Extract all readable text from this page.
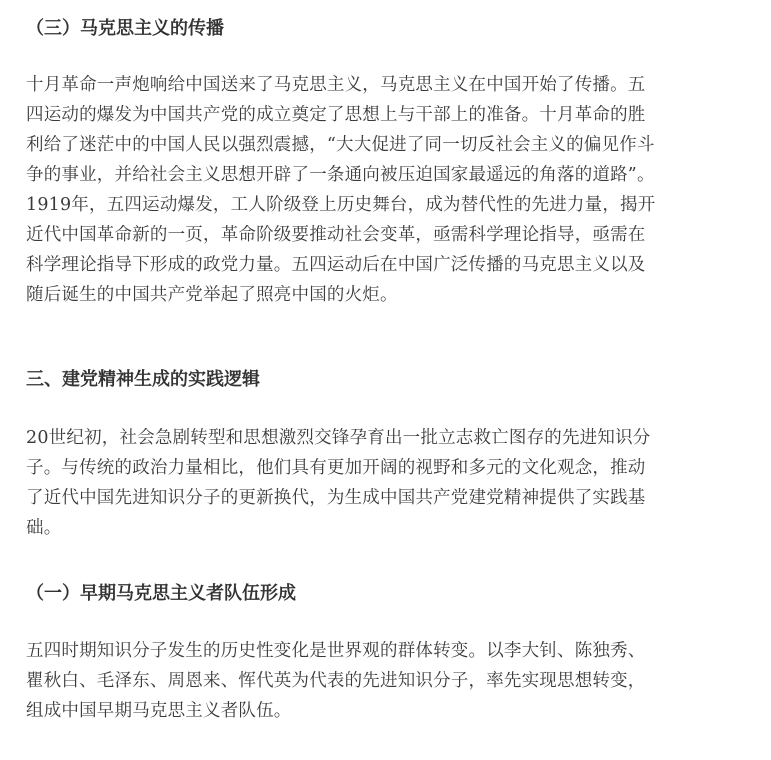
（三）马克思主义的传播
十月革命一声炮响给中国送来了马克思主义，马克思主义在中国开始了传播。五
四运动的爆发为中国共产党的成立奠定了思想上与干部上的准备。十月革命的胜
利给了迷茫中的中国人民以强烈震撼，“大大促进了同一切反社会主义的偏见作斗
争的事业，并给社会主义思想开辟了一条通向被压迫国家最遥远的角落的道路”。
1919年，五四运动爆发，工人阶级登上历史舞台，成为替代性的先进力量，揭开
近代中国革命新的一页，革命阶级要推动社会变革，亟需科学理论指导，亟需在
科学理论指导下形成的政党力量。五四运动后在中国广泛传播的马克思主义以及
随后诞生的中国共产党举起了照亮中国的火炬。
三、建党精神生成的实践逻辑
20世纪初，社会急剧转型和思想激烈交锋孕育出一批立志救亡图存的先进知识分
子。与传统的政治力量相比，他们具有更加开阔的视野和多元的文化观念，推动
了近代中国先进知识分子的更新换代，为生成中国共产党建党精神提供了实践基
础。
（一）早期马克思主义者队伍形成
五四时期知识分子发生的历史性变化是世界观的群体转变。以李大钊、陈独秀、
瞿秋白、毛泽东、周恩来、恽代英为代表的先进知识分子，率先实现思想转变，
组成中国早期马克思主义者队伍。
